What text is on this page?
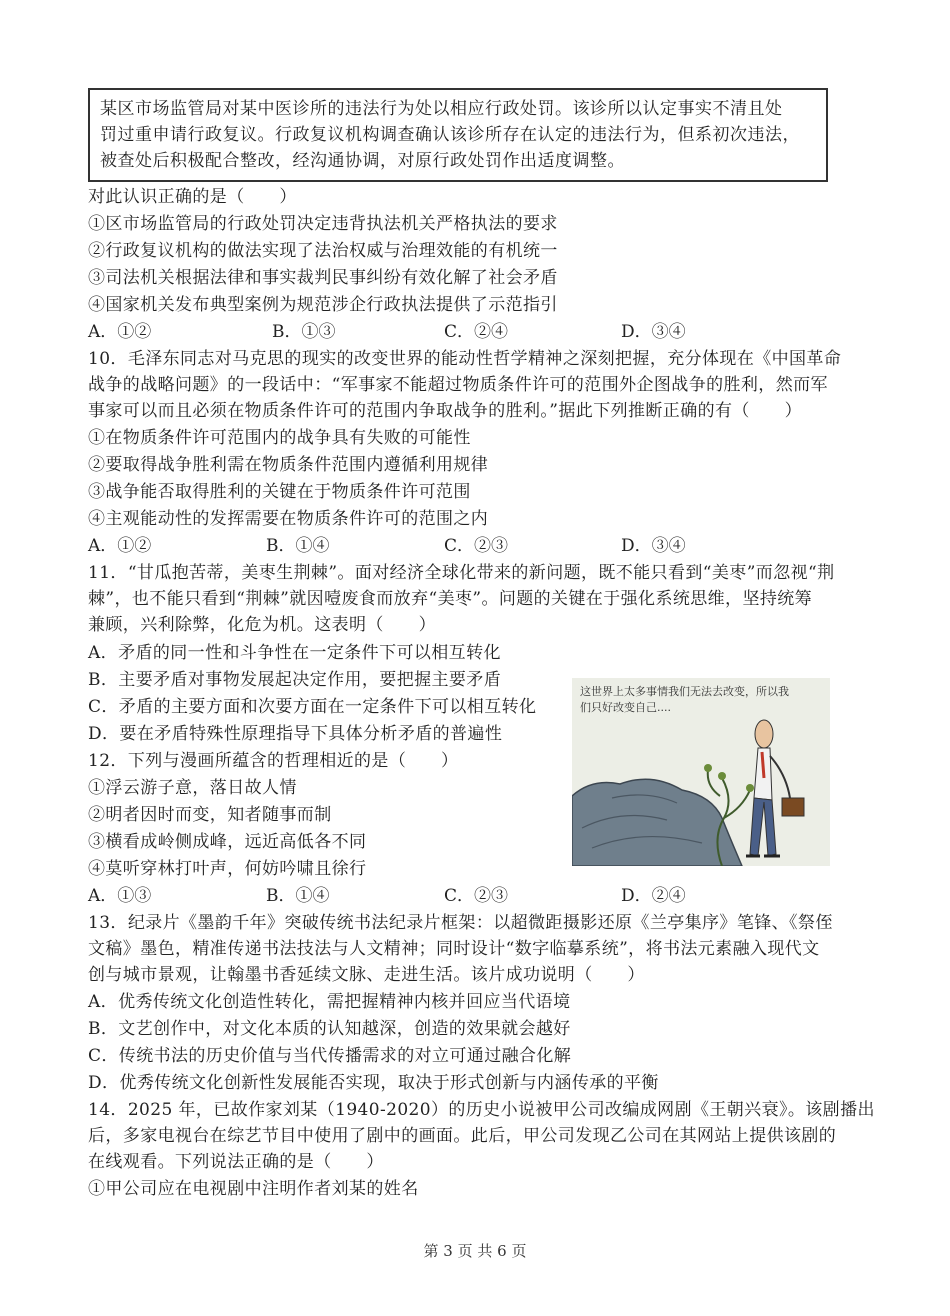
某区市场监管局对某中医诊所的违法行为处以相应行政处罚。该诊所以认定事实不清且处

罚过重申请行政复议。行政复议机构调查确认该诊所存在认定的违法行为，但系初次违法，

被查处后积极配合整改，经沟通协调，对原行政处罚作出适度调整。

对此认识正确的是（　　）
①区市场监管局的行政处罚决定违背执法机关严格执法的要求
②行政复议机构的做法实现了法治权威与治理效能的有机统一
③司法机关根据法律和事实裁判民事纠纷有效化解了社会矛盾
④国家机关发布典型案例为规范涉企行政执法提供了示范指引
A．①②	B．①③	C．②④	D．③④
10．毛泽东同志对马克思的现实的改变世界的能动性哲学精神之深刻把握，充分体现在《中国革命
战争的战略问题》的一段话中：“军事家不能超过物质条件许可的范围外企图战争的胜利，然而军
事家可以而且必须在物质条件许可的范围内争取战争的胜利。”据此下列推断正确的有（　　）
①在物质条件许可范围内的战争具有失败的可能性
②要取得战争胜利需在物质条件范围内遵循利用规律
③战争能否取得胜利的关键在于物质条件许可范围
④主观能动性的发挥需要在物质条件许可的范围之内
A．①②	B．①④	C．②③	D．③④
11．“甘瓜抱苦蒂，美枣生荆棘”。面对经济全球化带来的新问题，既不能只看到“美枣”而忽视“荆
棘”，也不能只看到“荆棘”就因噎废食而放弃“美枣”。问题的关键在于强化系统思维，坚持统筹
兼顾，兴利除弊，化危为机。这表明（　　）
A．矛盾的同一性和斗争性在一定条件下可以相互转化
B．主要矛盾对事物发展起决定作用，要把握主要矛盾
C．矛盾的主要方面和次要方面在一定条件下可以相互转化
D．要在矛盾特殊性原理指导下具体分析矛盾的普遍性
12．下列与漫画所蕴含的哲理相近的是（　　）
①浮云游子意，落日故人情
②明者因时而变，知者随事而制
③横看成岭侧成峰，远近高低各不同
④莫听穿林打叶声，何妨吟啸且徐行
A．①③	B．①④	C．②③	D．②④
这世界上太多事情我们无法去改变，所以我们只好改变自己....
13．纪录片《墨韵千年》突破传统书法纪录片框架：以超微距摄影还原《兰亭集序》笔锋、《祭侄
文稿》墨色，精准传递书法技法与人文精神；同时设计“数字临摹系统”，将书法元素融入现代文
创与城市景观，让翰墨书香延续文脉、走进生活。该片成功说明（　　）
A．优秀传统文化创造性转化，需把握精神内核并回应当代语境
B．文艺创作中，对文化本质的认知越深，创造的效果就会越好
C．传统书法的历史价值与当代传播需求的对立可通过融合化解
D．优秀传统文化创新性发展能否实现，取决于形式创新与内涵传承的平衡
14．2025 年，已故作家刘某（1940-2020）的历史小说被甲公司改编成网剧《王朝兴衰》。该剧播出
后，多家电视台在综艺节目中使用了剧中的画面。此后，甲公司发现乙公司在其网站上提供该剧的
在线观看。下列说法正确的是（　　）
①甲公司应在电视剧中注明作者刘某的姓名
第 3 页 共 6 页
